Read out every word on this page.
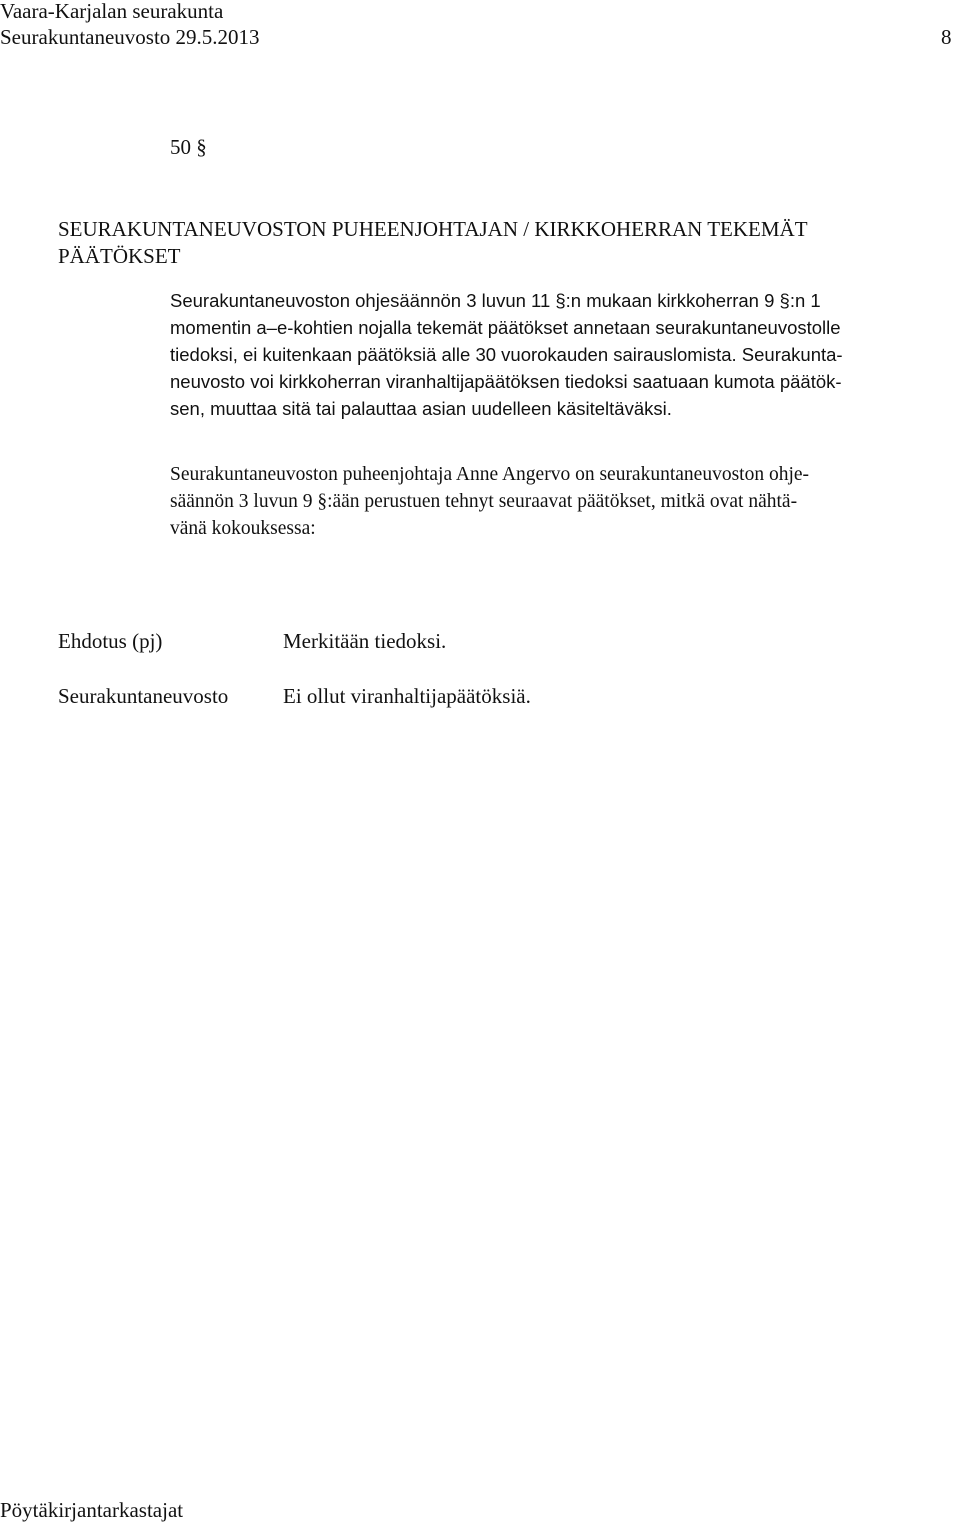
Vaara-Karjalan seurakunta
Seurakuntaneuvosto 29.5.2013	8
50 §
SEURAKUNTANEUVOSTON PUHEENJOHTAJAN / KIRKKOHERRAN TEKEMÄT
PÄÄTÖKSET
Seurakuntaneuvoston ohjesäännön 3 luvun 11 §:n mukaan kirkkoherran 9 §:n 1
momentin a–e-kohtien nojalla tekemät päätökset annetaan seurakuntaneuvostolle
tiedoksi, ei kuitenkaan päätöksiä alle 30 vuorokauden sairauslomista. Seurakunta-
neuvosto voi kirkkoherran viranhaltijapäätöksen tiedoksi saatuaan kumota päätök-
sen, muuttaa sitä tai palauttaa asian uudelleen käsiteltäväksi.
Seurakuntaneuvoston puheenjohtaja Anne Angervo on seurakuntaneuvoston ohje-
säännön 3 luvun 9 §:ään perustuen tehnyt seuraavat päätökset, mitkä ovat nähtä-
vänä kokouksessa:
Ehdotus (pj)	Merkitään tiedoksi.
Seurakuntaneuvosto	Ei ollut viranhaltijapäätöksiä.
Pöytäkirjantarkastajat
